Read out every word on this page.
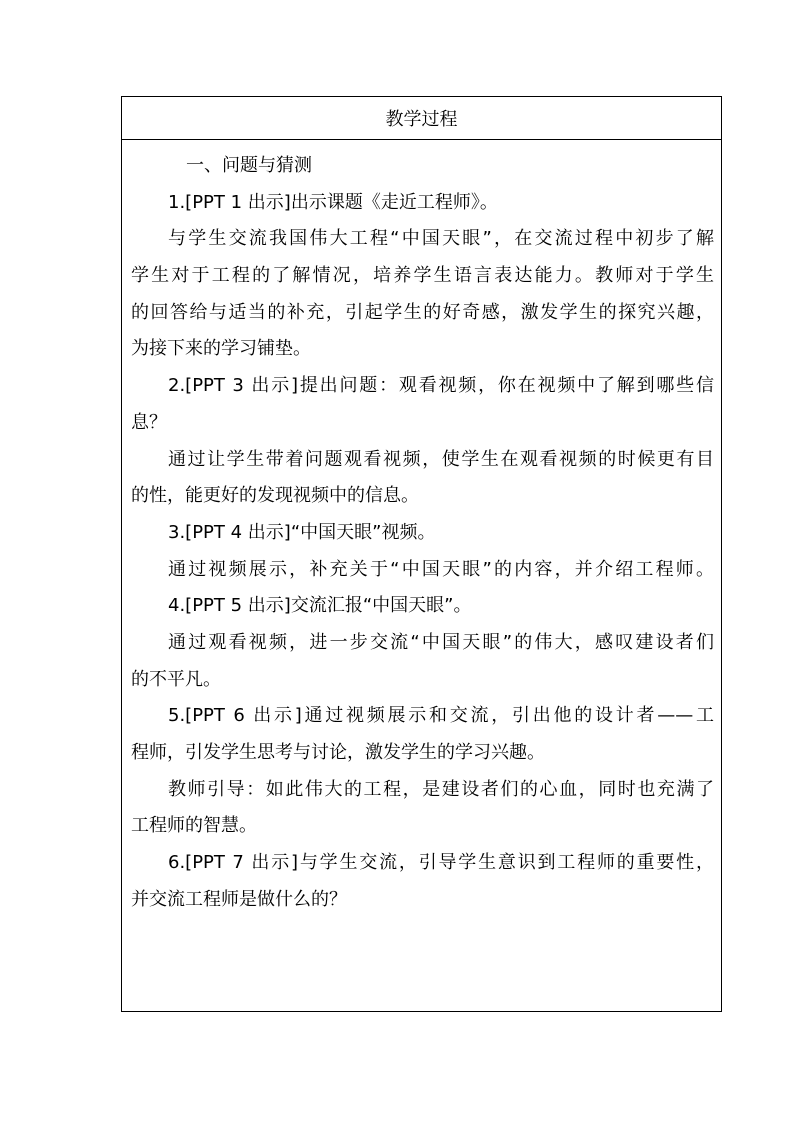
教学过程
一、问题与猜测
1.[PPT 1 出示]出示课题《走近工程师》。
与学生交流我国伟大工程“中国天眼”，在交流过程中初步了解
学生对于工程的了解情况，培养学生语言表达能力。教师对于学生
的回答给与适当的补充，引起学生的好奇感，激发学生的探究兴趣，
为接下来的学习铺垫。
2.[PPT 3 出示]提出问题：观看视频，你在视频中了解到哪些信
息？
通过让学生带着问题观看视频，使学生在观看视频的时候更有目
的性，能更好的发现视频中的信息。
3.[PPT 4 出示]“中国天眼”视频。
通过视频展示，补充关于“中国天眼”的内容，并介绍工程师。
4.[PPT 5 出示]交流汇报“中国天眼”。
通过观看视频，进一步交流“中国天眼”的伟大，感叹建设者们
的不平凡。
5.[PPT 6 出示]通过视频展示和交流，引出他的设计者——工
程师，引发学生思考与讨论，激发学生的学习兴趣。
教师引导：如此伟大的工程，是建设者们的心血，同时也充满了
工程师的智慧。
6.[PPT 7 出示]与学生交流，引导学生意识到工程师的重要性，
并交流工程师是做什么的？
